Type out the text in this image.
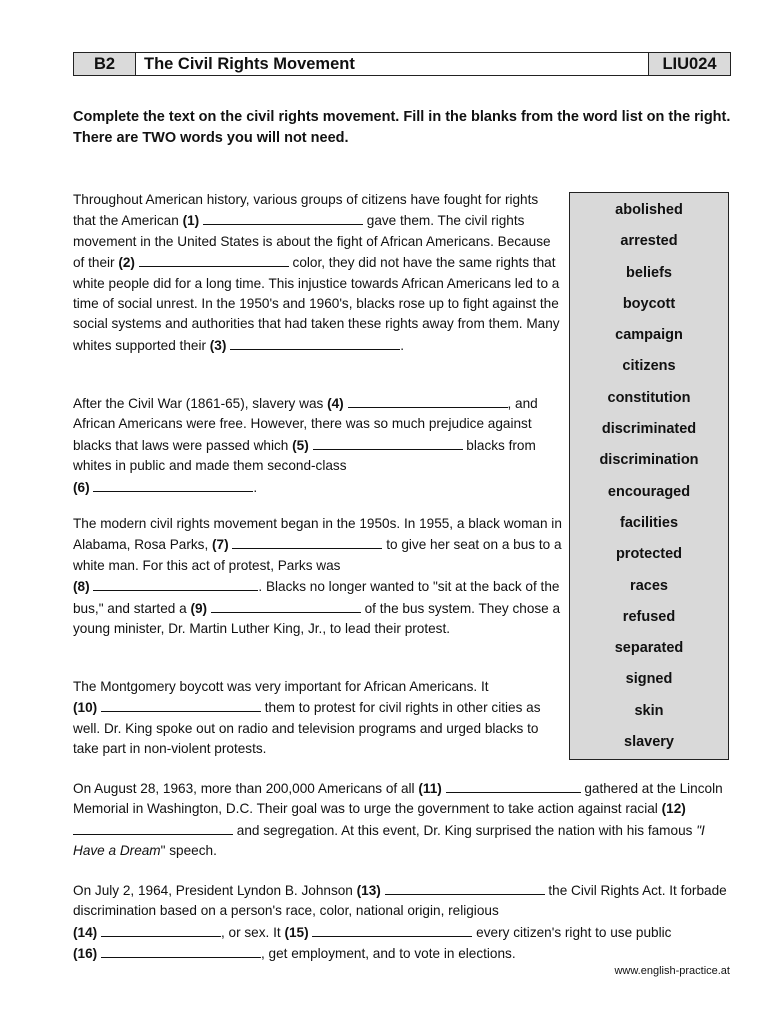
B2	The Civil Rights Movement	LIU024
Complete the text on the civil rights movement. Fill in the blanks from the word list on the right. There are TWO words you will not need.
Throughout American history, various groups of citizens have fought for rights that the American (1)	gave them. The civil rights movement in the United States is about the fight of African Americans. Because of their (2)	color, they did not have the same rights that white people did for a long time. This injustice towards African Americans led to a time of social unrest. In the 1950's and 1960's, blacks rose up to fight against the social systems and authorities that had taken these rights away from them. Many whites supported their (3)	.
After the Civil War (1861-65), slavery was (4)	, and African Americans were free. However, there was so much prejudice against blacks that laws were passed which (5)	blacks from whites in public and made them second-class
(6)	.
The modern civil rights movement began in the 1950s. In 1955, a black woman in Alabama, Rosa Parks, (7)	to give her seat on a bus to a white man. For this act of protest, Parks was
(8)	. Blacks no longer wanted to "sit at the back of the bus," and started a (9)	of the bus system. They chose a young minister, Dr. Martin Luther King, Jr., to lead their protest.
The Montgomery boycott was very important for African Americans. It
(10)	them to protest for civil rights in other cities as well. Dr. King spoke out on radio and television programs and urged blacks to take part in non-violent protests.
abolished
arrested
beliefs
boycott
campaign
citizens
constitution
discriminated
discrimination
encouraged
facilities
protected
races
refused
separated
signed
skin
slavery
On August 28, 1963, more than 200,000 Americans of all (11)	gathered at the Lincoln Memorial in Washington, D.C. Their goal was to urge the government to take action against racial (12)  and segregation. At this event, Dr. King surprised the nation with his famous "I Have a Dream" speech.
On July 2, 1964, President Lyndon B. Johnson (13)	the Civil Rights Act. It forbade discrimination based on a person's race, color, national origin, religious
(14)	, or sex. It (15)	every citizen's right to use public
(16)	, get employment, and to vote in elections.
www.english-practice.at
